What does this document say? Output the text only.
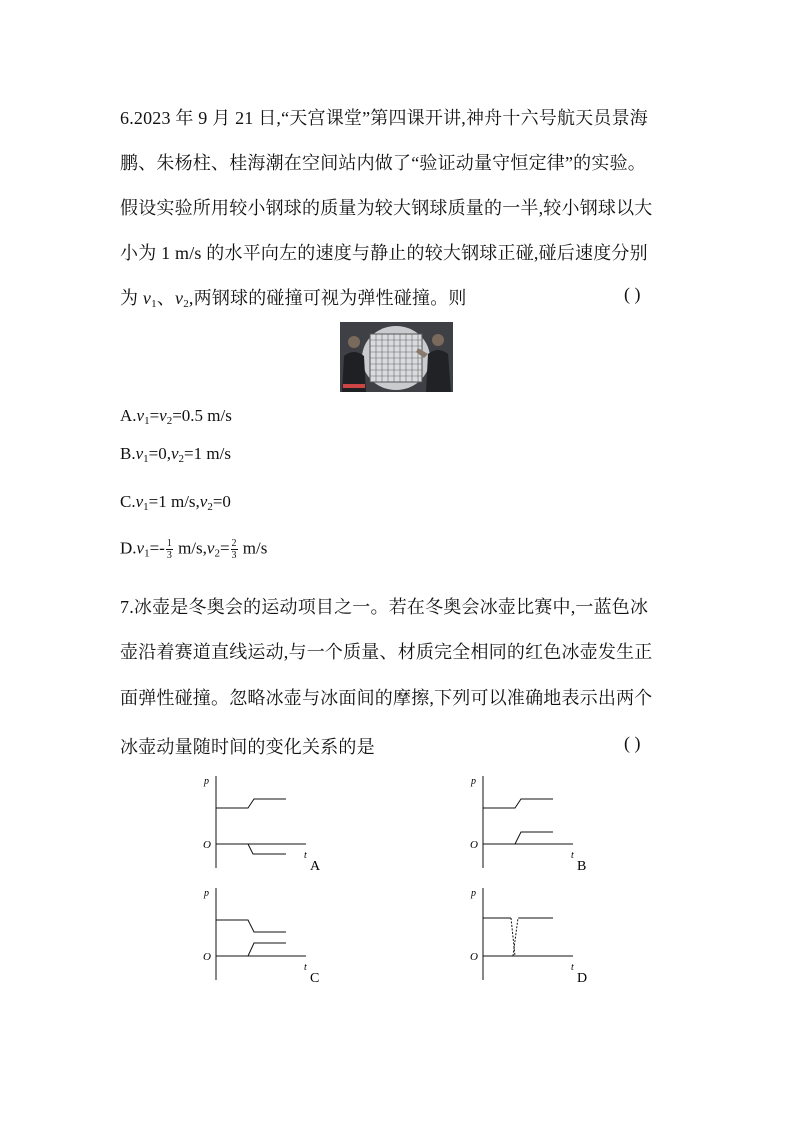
6.2023 年 9 月 21 日,“天宫课堂”第四课开讲,神舟十六号航天员景海
鹏、朱杨柱、桂海潮在空间站内做了“验证动量守恒定律”的实验。
假设实验所用较小钢球的质量为较大钢球质量的一半,较小钢球以大
小为 1 m/s 的水平向左的速度与静止的较大钢球正碰,碰后速度分别
为 $v_1$、$v_2$,两钢球的碰撞可视为弹性碰撞。则	( )
$A.v_1=v_2=0.5$ m/s
$B.v_1=0,v_2=1$ m/s
$C.v_1=1$ $m/s,v_2=0$
$D.v_1=- \frac{1}{3} m/s,v_2= \frac{2}{3} m/s$
7.冰壶是冬奥会的运动项目之一。若在冬奥会冰壶比赛中,一蓝色冰
壶沿着赛道直线运动,与一个质量、材质完全相同的红色冰壶发生正
面弹性碰撞。忽略冰壶与冰面间的摩擦,下列可以准确地表示出两个
冰壶动量随时间的变化关系的是	( )
p
t
O
A
p
t
O
B
p
t
O
C
p
t
O
D
